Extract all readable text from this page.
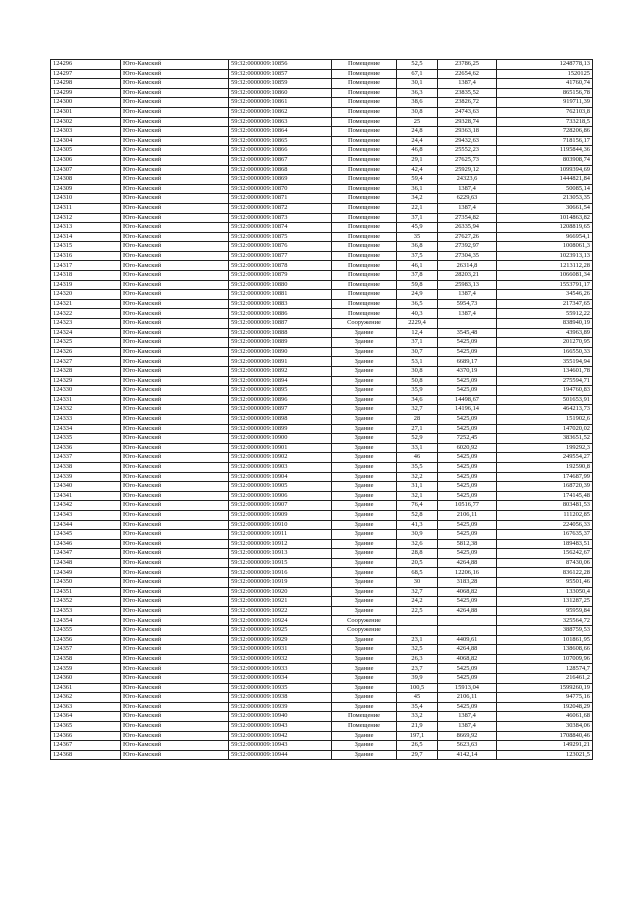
124296	Юго-Камский	59:32:0000009:10856	Помещение	52,5	23786,25	1248778,13
124297	Юго-Камский	59:32:0000009:10857	Помещение	67,1	22654,62	1520125
124298	Юго-Камский	59:32:0000009:10859	Помещение	30,1	1387,4	41760,74
124299	Юго-Камский	59:32:0000009:10860	Помещение	36,3	23835,52	865156,78
124300	Юго-Камский	59:32:0000009:10861	Помещение	38,6	23826,72	919711,39
124301	Юго-Камский	59:32:0000009:10862	Помещение	30,8	24743,63	762103,8
124302	Юго-Камский	59:32:0000009:10863	Помещение	25	29328,74	733218,5
124303	Юго-Камский	59:32:0000009:10864	Помещение	24,8	29363,18	728206,86
124304	Юго-Камский	59:32:0000009:10865	Помещение	24,4	29432,63	718156,17
124305	Юго-Камский	59:32:0000009:10866	Помещение	46,8	25552,23	1195844,36
124306	Юго-Камский	59:32:0000009:10867	Помещение	29,1	27625,73	803908,74
124307	Юго-Камский	59:32:0000009:10868	Помещение	42,4	25929,12	1099394,69
124308	Юго-Камский	59:32:0000009:10869	Помещение	59,4	24323,6	1444821,84
124309	Юго-Камский	59:32:0000009:10870	Помещение	36,1	1387,4	50085,14
124310	Юго-Камский	59:32:0000009:10871	Помещение	34,2	6229,63	213053,35
124311	Юго-Камский	59:32:0000009:10872	Помещение	22,1	1387,4	30661,54
124312	Юго-Камский	59:32:0000009:10873	Помещение	37,1	27354,82	1014863,82
124313	Юго-Камский	59:32:0000009:10874	Помещение	45,9	26335,94	1208819,65
124314	Юго-Камский	59:32:0000009:10875	Помещение	35	27627,26	966954,1
124315	Юго-Камский	59:32:0000009:10876	Помещение	36,8	27392,97	1008061,3
124316	Юго-Камский	59:32:0000009:10877	Помещение	37,5	27304,35	1023913,13
124317	Юго-Камский	59:32:0000009:10878	Помещение	46,1	26314,8	1213112,28
124318	Юго-Камский	59:32:0000009:10879	Помещение	37,8	28203,21	1066081,34
124319	Юго-Камский	59:32:0000009:10880	Помещение	59,8	25983,13	1553791,17
124320	Юго-Камский	59:32:0000009:10881	Помещение	24,9	1387,4	34546,26
124321	Юго-Камский	59:32:0000009:10883	Помещение	36,5	5954,73	217347,65
124322	Юго-Камский	59:32:0000009:10886	Помещение	40,3	1387,4	55912,22
124323	Юго-Камский	59:32:0000009:10887	Сооружение	2229,4		838940,19
124324	Юго-Камский	59:32:0000009:10888	Здание	12,4	3545,48	43963,89
124325	Юго-Камский	59:32:0000009:10889	Здание	37,1	5425,09	201270,95
124326	Юго-Камский	59:32:0000009:10890	Здание	30,7	5425,09	166550,33
124327	Юго-Камский	59:32:0000009:10891	Здание	53,1	6689,17	355194,94
124328	Юго-Камский	59:32:0000009:10892	Здание	30,8	4370,19	134601,78
124329	Юго-Камский	59:32:0000009:10894	Здание	50,8	5425,09	275594,71
124330	Юго-Камский	59:32:0000009:10895	Здание	35,9	5425,09	194760,83
124331	Юго-Камский	59:32:0000009:10896	Здание	34,6	14498,67	501653,91
124332	Юго-Камский	59:32:0000009:10897	Здание	32,7	14196,14	464213,73
124333	Юго-Камский	59:32:0000009:10898	Здание	28	5425,09	151902,6
124334	Юго-Камский	59:32:0000009:10899	Здание	27,1	5425,09	147020,02
124335	Юго-Камский	59:32:0000009:10900	Здание	52,9	7252,45	383651,52
124336	Юго-Камский	59:32:0000009:10901	Здание	33,1	6020,92	199292,3
124337	Юго-Камский	59:32:0000009:10902	Здание	46	5425,09	249554,27
124338	Юго-Камский	59:32:0000009:10903	Здание	35,5	5425,09	192590,8
124339	Юго-Камский	59:32:0000009:10904	Здание	32,2	5425,09	174687,99
124340	Юго-Камский	59:32:0000009:10905	Здание	31,1	5425,09	168720,39
124341	Юго-Камский	59:32:0000009:10906	Здание	32,1	5425,09	174145,48
124342	Юго-Камский	59:32:0000009:10907	Здание	76,4	10516,77	803481,53
124343	Юго-Камский	59:32:0000009:10909	Здание	52,8	2106,11	111202,85
124344	Юго-Камский	59:32:0000009:10910	Здание	41,3	5425,09	224056,33
124345	Юго-Камский	59:32:0000009:10911	Здание	30,9	5425,09	167635,37
124346	Юго-Камский	59:32:0000009:10912	Здание	32,6	5812,38	189483,51
124347	Юго-Камский	59:32:0000009:10913	Здание	28,8	5425,09	156242,67
124348	Юго-Камский	59:32:0000009:10915	Здание	20,5	4264,88	87430,06
124349	Юго-Камский	59:32:0000009:10916	Здание	68,5	12206,16	836122,28
124350	Юго-Камский	59:32:0000009:10919	Здание	30	3183,28	95501,46
124351	Юго-Камский	59:32:0000009:10920	Здание	32,7	4068,82	133050,4
124352	Юго-Камский	59:32:0000009:10921	Здание	24,2	5425,09	131287,25
124353	Юго-Камский	59:32:0000009:10922	Здание	22,5	4264,88	95959,84
124354	Юго-Камский	59:32:0000009:10924	Сооружение			325564,72
124355	Юго-Камский	59:32:0000009:10925	Сооружение			388759,53
124356	Юго-Камский	59:32:0000009:10929	Здание	23,1	4409,61	101861,95
124357	Юго-Камский	59:32:0000009:10931	Здание	32,5	4264,88	138608,66
124358	Юго-Камский	59:32:0000009:10932	Здание	26,3	4068,82	107009,96
124359	Юго-Камский	59:32:0000009:10933	Здание	23,7	5425,09	128574,7
124360	Юго-Камский	59:32:0000009:10934	Здание	39,9	5425,09	216461,2
124361	Юго-Камский	59:32:0000009:10935	Здание	100,5	15913,04	1599260,19
124362	Юго-Камский	59:32:0000009:10938	Здание	45	2106,11	94775,16
124363	Юго-Камский	59:32:0000009:10939	Здание	35,4	5425,09	192048,29
124364	Юго-Камский	59:32:0000009:10940	Помещение	33,2	1387,4	46061,68
124365	Юго-Камский	59:32:0000009:10943	Помещение	21,9	1387,4	30384,06
124366	Юго-Камский	59:32:0000009:10942	Здание	197,1	8669,92	1708840,46
124367	Юго-Камский	59:32:0000009:10943	Здание	26,5	5623,63	149291,21
124368	Юго-Камский	59:32:0000009:10944	Здание	29,7	4142,14	123021,5
